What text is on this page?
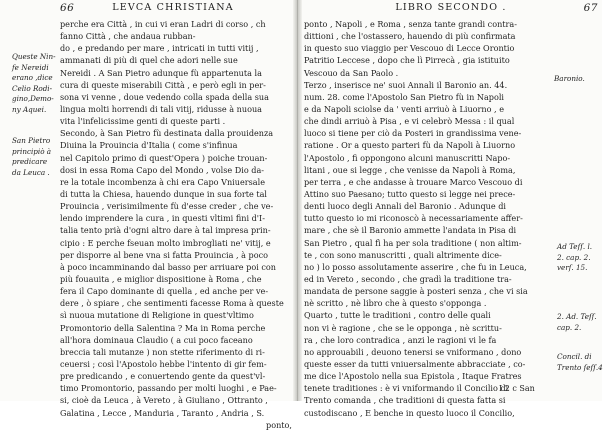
66	LEVCA CHRISTIANA
Queste Nin-
fe Nereidi
erano ,dice
Celio Rodi-
gino,Demo-
ny Aquei.
San Pietro
principiò à
predicare
da Leuca .
perche era Città , in cui vi eran Ladri di corso , ch
fanno Città , che andaua rubban-
do , e predando per mare , intricati in tutti vitij ,
ammanati di più di quel che adori nelle sue
Nereidi . A San Pietro adunque fù appartenuta la
cura di queste miserabili Città , e però egli in per-
sona vi venne , doue vedendo colla spada della sua
lingua molti horrendi di tali vitij, ridusse à nuoua
vita l'infelicissime genti di queste parti .
Secondo, à San Pietro fù destinata dalla prouidenza
Diuina la Prouincia d'Italia ( come s'infinua
nel Capitolo primo di quest'Opera ) poiche trouan-
dosi in essa Roma Capo del Mondo , volse Dio da-
re la totale incombenza à chi era Capo Vniuersale
di tutta la Chiesa, hauendo dunque in sua forte tal
Prouincia , verisimilmente fù d'esse creder , che ve-
lendo imprendere la cura , in questi vltimi fini d'I-
talia tento prià d'ogni altro dare à tal impresa prin-
cipio : E perche fseuan molto imbrogliati ne' vitij, e
per disporre al bene vna si fatta Prouincia , à poco
à poco incamminando dal basso per arriuare poi con
più fouauita , e miglior dispositione à Roma , che
fera il Capo dominante di quella , ed anche per ve-
dere , ò spiare , che sentimenti facesse Roma à queste
sì nuoua mutatione di Religione in quest'vltimo
Promontorio della Salentina ? Ma in Roma perche
all'hora dominaua Claudio ( a cui poco faceano
breccia tali mutanze ) non stette riferimento di ri-
ceuersi ; così l'Apostolo hebbe l'intento di gir fem-
pre predicando , e conuertendo gente da quest'vl-
timo Promontorio, passando per molti luoghi , e Pae-
si, cioè da Leuca , à Vereto , à Giuliano , Ottranto ,
Galatina , Lecce , Manduria , Taranto , Andria , S.
ponto,
LIBRO SECONDO .	67
ponto , Napoli , e Roma , senza tante grandi contra-
dittioni , che l'ostassero, hauendo di più confirmata
in questo suo viaggio per Vescouo di Lecce Orontio
Patritio Leccese , dopo che lì Pirrecà , gia istituito
Vescouo da San Paolo .
Terzo , inserisce ne' suoi Annali il Baronio an. 44.
num. 28. come l'Apostolo San Pietro fù in Napoli
e da Napoli sciolse da ' venti arriuò à Liuorno , e
che dindi arriuò à Pisa , e vi celebrò Messa : il qual
luoco si tiene per ciò da Posteri in grandissima vene-
ratione . Or a questo parteri fù da Napoli à Liuorno
l'Apostolo , fi oppongono alcuni manuscritti Napo-
litani , oue si legge , che venisse da Napoli à Roma,
per terra , e che andasse à trouare Marco Vescouo di
Attino suo Paesano; tutto questo si legge nei prece-
denti luoco degli Annali del Baronio . Adunque di
tutto questo io mi riconoscò à necessariamente affer-
mare , che sè il Baronio ammette l'andata in Pisa di
San Pietro , qual fì ha per sola traditione ( non altim-
te , con sono manuscritti , quali altrimente dice-
no ) lo posso assolutamente asserire , che fu in Leuca,
ed in Vereto , secondo , che gradì la traditione tra-
mandata de persone saggie à posteri senza , che vi sia
nè scritto , nè libro che à questo s'opponga .
Quarto , tutte le traditioni , contro delle quali
non vi è ragione , che se le opponga , nè scrittu-
ra , che loro contradica , anzi le ragioni vi le fa
no approuabili , deuono tenersi se vniformano , dono
queste esser da tutti vniuersalmente abbracciate , co-
me dice l'Apostolo nella sua Epistola , Itaque Fratres
tenete traditiones : è vi vniformando il Concilio di
Trento comanda , che traditioni di questa fatta si
custodiscano , E benche in questo luoco il Concilio,
Baronio.
Ad Teſſ. l.
2. cap. 2.
verſ. 15.
2. Ad. Teſſ.
cap. 2.
Concil. di
Trento ſeſſ.4
I 2 c San
